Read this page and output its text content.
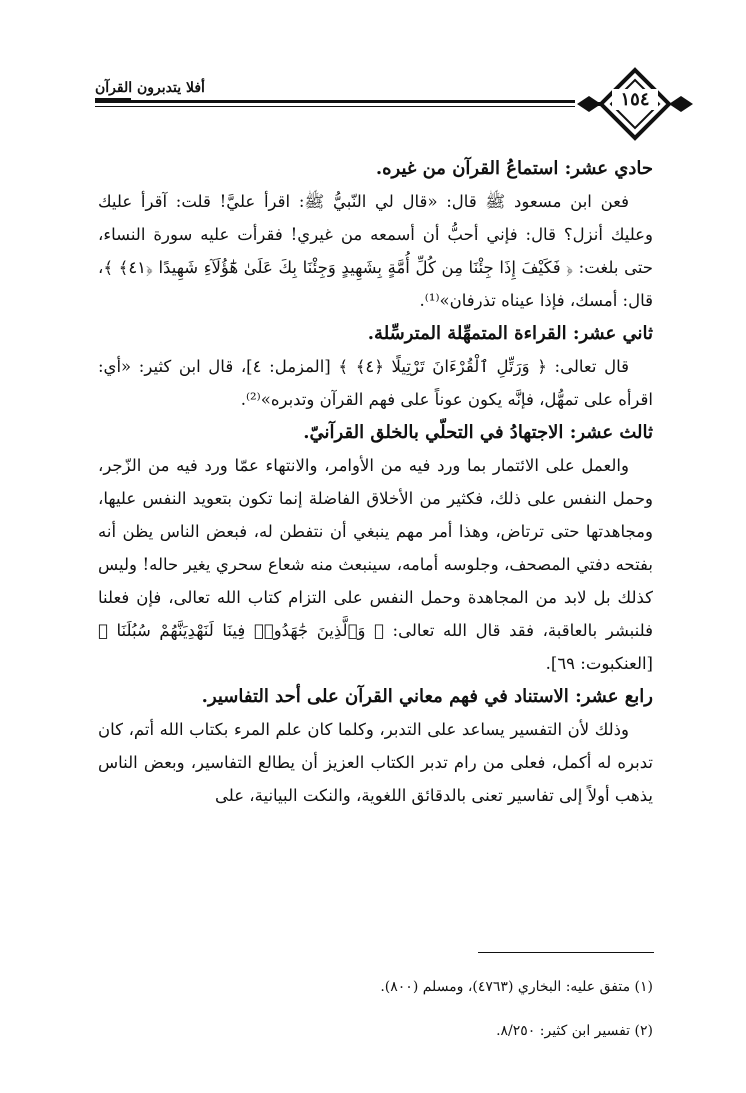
أفلا يتدبرون القرآن
١٥٤

حادي عشر: استماعُ القرآن من غيره.

فعن ابن مسعود ﷺ قال: «قال لي النّبيُّ ﷺ: اقرأ عليَّ! قلت: آقرأ عليك وعليك أنزل؟ قال: فإني أحبُّ أن أسمعه من غيري! فقرأت عليه سورة النساء، حتى بلغت: ﴿ فَكَيْفَ إِذَا جِئْنَا مِن كُلِّ أُمَّةٍ بِشَهِيدٍ وَجِئْنَا بِكَ عَلَىٰ هَٰٓؤُلَآءِ شَهِيدًا ﴿٤١﴾ ﴾، قال: أمسك، فإذا عيناه تذرفان»⁽¹⁾.

ثاني عشر: القراءة المتمهِّلة المترسِّلة.

قال تعالى: ﴿ وَرَتِّلِ ٱلْقُرْءَانَ تَرْتِيلًا ﴿٤﴾ ﴾ [المزمل: ٤]، قال ابن كثير: «أي: اقرأه على تمهُّل، فإنَّه يكون عوناً على فهم القرآن وتدبره»⁽²⁾.

ثالث عشر: الاجتهادُ في التحلّي بالخلق القرآنيّ.

والعمل على الائتمار بما ورد فيه من الأوامر، والانتهاء عمّا ورد فيه من الزّجر، وحمل النفس على ذلك، فكثير من الأخلاق الفاضلة إنما تكون بتعويد النفس عليها، ومجاهدتها حتى ترتاض، وهذا أمر مهم ينبغي أن نتفطن له، فبعض الناس يظن أنه بفتحه دفتي المصحف، وجلوسه أمامه، سينبعث منه شعاع سحري يغير حاله! وليس كذلك بل لابد من المجاهدة وحمل النفس على التزام كتاب الله تعالى، فإن فعلنا فلنبشر بالعاقبة، فقد قال الله تعالى: ﴿ وَٱلَّذِينَ جَٰهَدُوا۟ فِينَا لَنَهْدِيَنَّهُمْ سُبُلَنَا ﴾ [العنكبوت: ٦٩].

رابع عشر: الاستناد في فهم معاني القرآن على أحد التفاسير.

وذلك لأن التفسير يساعد على التدبر، وكلما كان علم المرء بكتاب الله أتم، كان تدبره له أكمل، فعلى من رام تدبر الكتاب العزيز أن يطالع التفاسير، وبعض الناس يذهب أولاً إلى تفاسير تعنى بالدقائق اللغوية، والنكت البيانية، على

(١) متفق عليه: البخاري (٤٧٦٣)، ومسلم (٨٠٠).

(٢) تفسير ابن كثير: ٨/٢٥٠.
